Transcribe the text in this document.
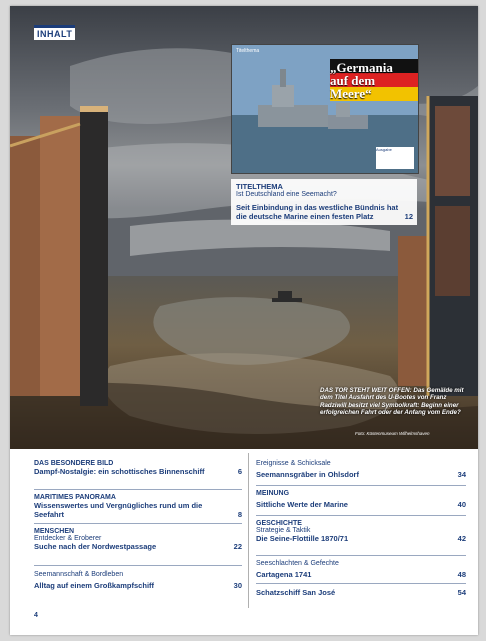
INHALT
Titelthema
„Germania auf dem Meere“
Ausgabe
TITELTHEMA
Ist Deutschland eine Seemacht?
Seit Einbindung in das westliche Bündnis hat die deutsche Marine einen festen Platz	12
DAS TOR STEHT WEIT OFFEN: Das Gemälde mit dem Titel Ausfahrt des U-Bootes von Franz Radziwill besitzt viel Symbolkraft: Beginn einer erfolgreichen Fahrt oder der Anfang vom Ende?
Foto: Küstenmuseum Wilhelmshaven
DAS BESONDERE BILD
Dampf-Nostalgie: ein schottisches Binnenschiff	6
MARITIMES PANORAMA
Wissenswertes und Vergnügliches rund um die Seefahrt	8
MENSCHEN
Entdecker & Eroberer
Suche nach der Nordwestpassage	22
Seemannschaft & Bordleben
Alltag auf einem Großkampfschiff	30
Ereignisse & Schicksale
Seemannsgräber in Ohlsdorf	34
MEINUNG
Sittliche Werte der Marine	40
GESCHICHTE
Strategie & Taktik
Die Seine-Flottille 1870/71	42
Seeschlachten & Gefechte
Cartagena 1741	48
Schatzschiff San José	54
4
